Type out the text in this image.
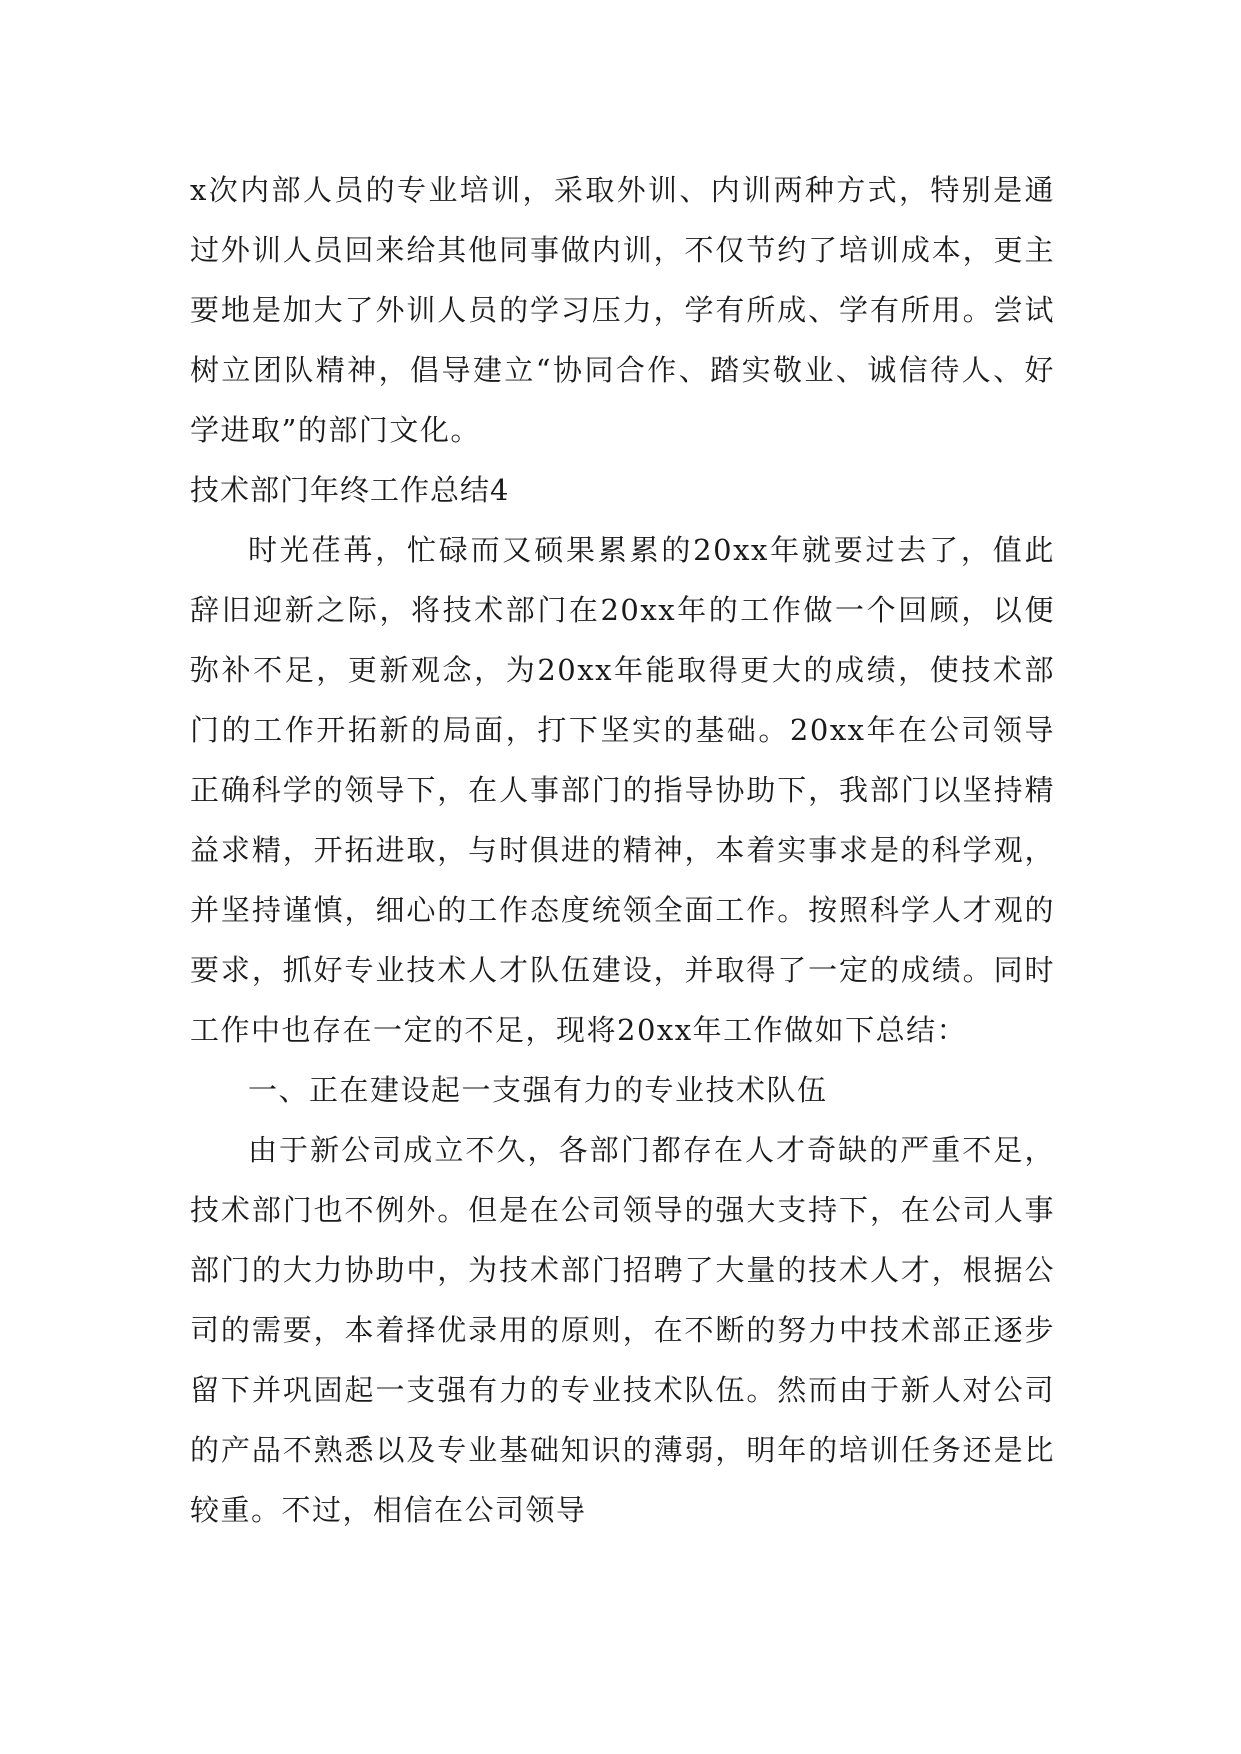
x次内部人员的专业培训，采取外训、内训两种方式，特别是通过外训人员回来给其他同事做内训，不仅节约了培训成本，更主要地是加大了外训人员的学习压力，学有所成、学有所用。尝试树立团队精神，倡导建立“协同合作、踏实敬业、诚信待人、好学进取”的部门文化。

技术部门年终工作总结4

时光荏苒，忙碌而又硕果累累的20xx年就要过去了，值此辞旧迎新之际，将技术部门在20xx年的工作做一个回顾，以便弥补不足，更新观念，为20xx年能取得更大的成绩，使技术部门的工作开拓新的局面，打下坚实的基础。20xx年在公司领导正确科学的领导下，在人事部门的指导协助下，我部门以坚持精益求精，开拓进取，与时俱进的精神，本着实事求是的科学观，并坚持谨慎，细心的工作态度统领全面工作。按照科学人才观的要求，抓好专业技术人才队伍建设，并取得了一定的成绩。同时工作中也存在一定的不足，现将20xx年工作做如下总结：

一、正在建设起一支强有力的专业技术队伍

由于新公司成立不久，各部门都存在人才奇缺的严重不足，技术部门也不例外。但是在公司领导的强大支持下，在公司人事部门的大力协助中，为技术部门招聘了大量的技术人才，根据公司的需要，本着择优录用的原则，在不断的努力中技术部正逐步留下并巩固起一支强有力的专业技术队伍。然而由于新人对公司的产品不熟悉以及专业基础知识的薄弱，明年的培训任务还是比较重。不过，相信在公司领导
